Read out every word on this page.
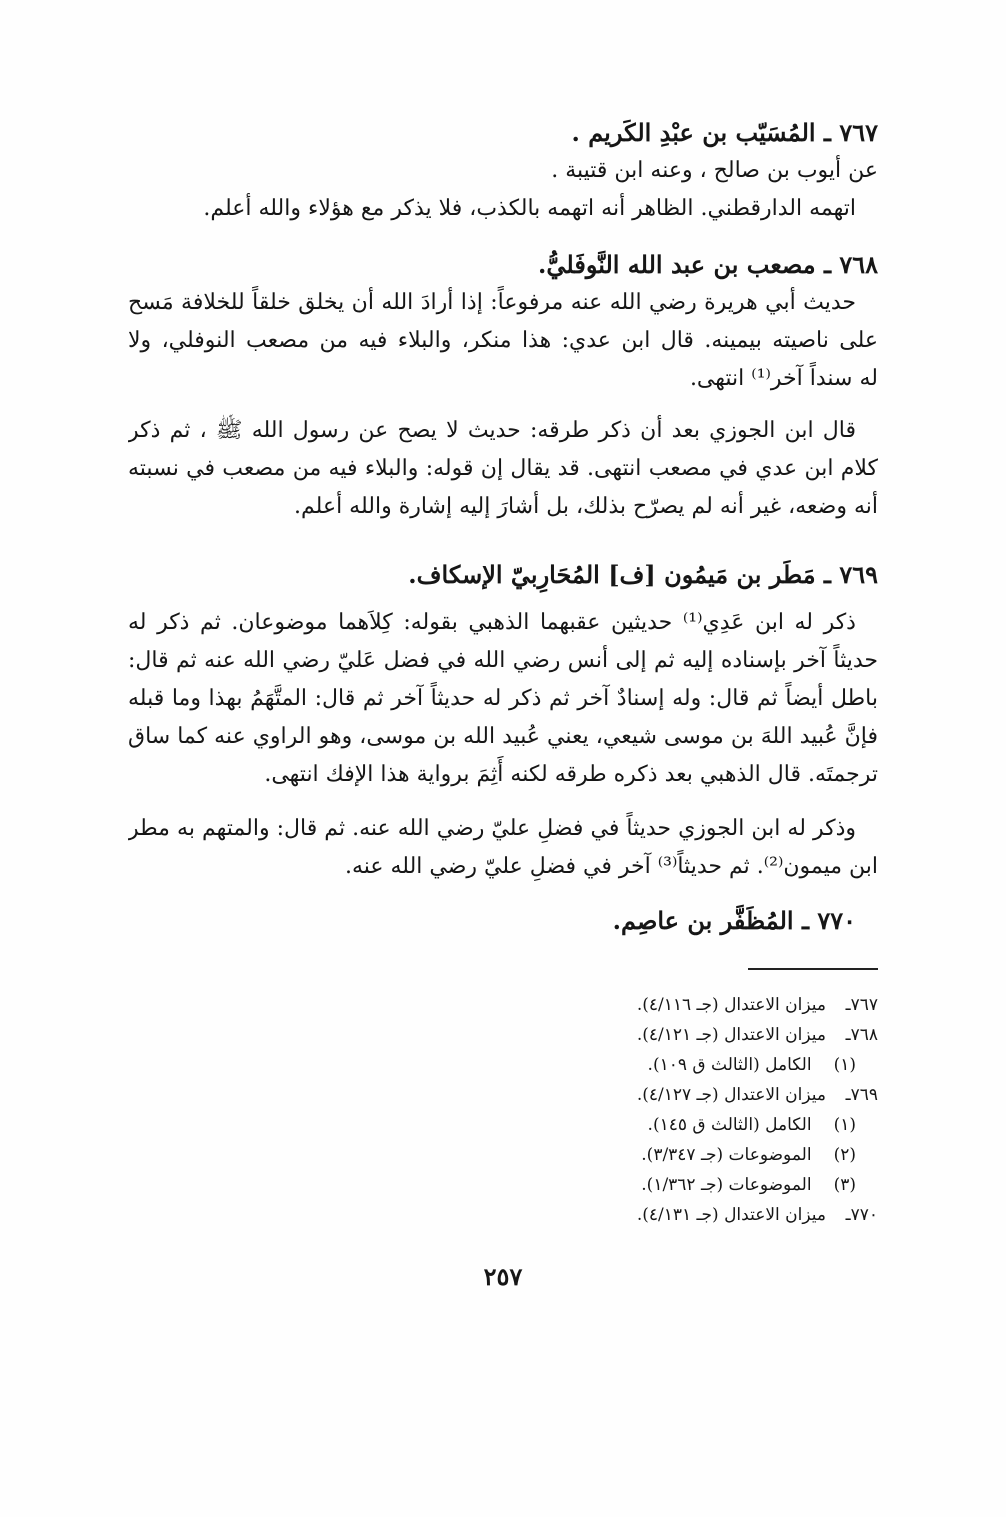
٧٦٧ ـ المُسَيّب بن عبْدِ الكَريم .
عن أيوب بن صالح ، وعنه ابن قتيبة .
اتهمه الدارقطني. الظاهر أنه اتهمه بالكذب، فلا يذكر مع هؤلاء والله أعلم.
٧٦٨ ـ مصعب بن عبد الله النَّوفَليُّ.
حديث أبي هريرة رضي الله عنه مرفوعاً: إذا أرادَ الله أن يخلق خلقاً للخلافة مَسح
على ناصيته بيمينه. قال ابن عدي: هذا منكر، والبلاء فيه من مصعب النوفلي، ولا
له سنداً آخر⁽¹⁾ انتهى.
قال ابن الجوزي بعد أن ذكر طرقه: حديث لا يصح عن رسول الله ﷺ ، ثم ذكر
كلام ابن عدي في مصعب انتهى. قد يقال إن قوله: والبلاء فيه من مصعب في نسبته
أنه وضعه، غير أنه لم يصرّح بذلك، بل أشارَ إليه إشارة والله أعلم.
٧٦٩ ـ مَطَر بن مَيمُون [ف] المُحَارِبيّ الإسكاف.
ذكر له ابن عَدِي⁽¹⁾ حديثين عقبهما الذهبي بقوله: كِلاَهما موضوعان. ثم ذكر له
حديثاً آخر بإسناده إليه ثم إلى أنس رضي الله في فضل عَليّ رضي الله عنه ثم قال:
باطل أيضاً ثم قال: وله إسنادٌ آخر ثم ذكر له حديثاً آخر ثم قال: المتَّهَمُ بهذا وما قبله
فإنَّ عُبيد اللهَ بن موسى شيعي، يعني عُبيد الله بن موسى، وهو الراوي عنه كما ساق
ترجمتَه. قال الذهبي بعد ذكره طرقه لكنه أَثِمَ برواية هذا الإفك انتهى.
وذكر له ابن الجوزي حديثاً في فضلِ عليّ رضي الله عنه. ثم قال: والمتهم به مطر
ابن ميمون⁽²⁾. ثم حديثاً⁽³⁾ آخر في فضلِ عليّ رضي الله عنه.
٧٧٠ ـ المُظَفَّر بن عاصِم.
٧٦٧ـ
ميزان الاعتدال (جـ ٤/١١٦).
٧٦٨ـ
ميزان الاعتدال (جـ ٤/١٢١).
(١)
الكامل (الثالث ق ١٠٩).
٧٦٩ـ
ميزان الاعتدال (جـ ٤/١٢٧).
(١)
الكامل (الثالث ق ١٤٥).
(٢)
الموضوعات (جـ ٣/٣٤٧).
(٣)
الموضوعات (جـ ١/٣٦٢).
٧٧٠ـ
ميزان الاعتدال (جـ ٤/١٣١).
٢٥٧
